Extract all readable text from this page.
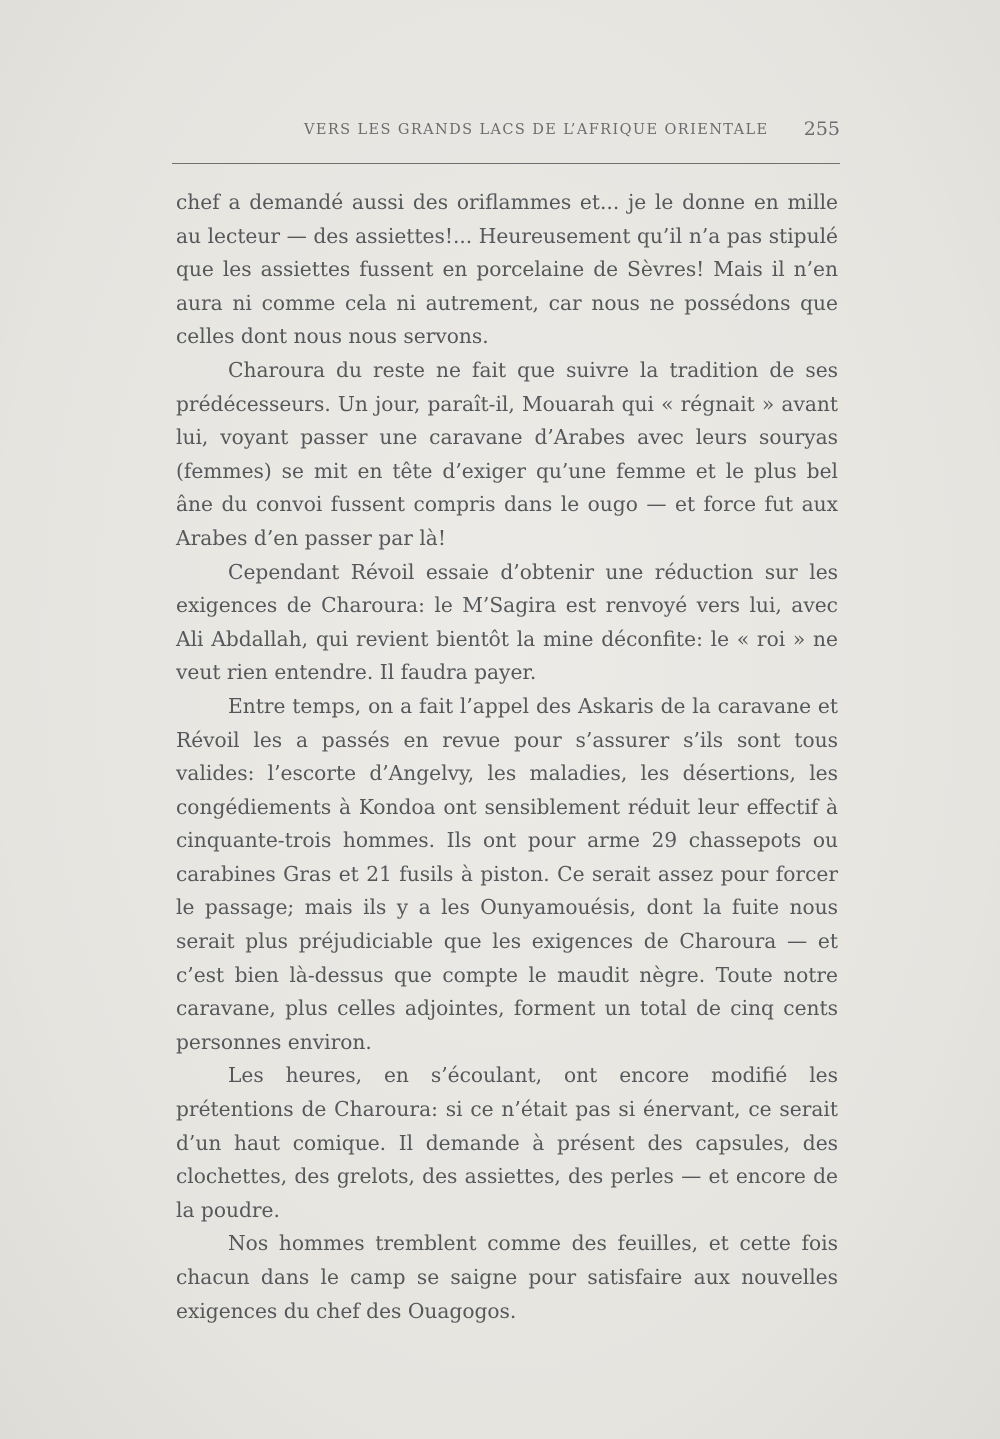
VERS LES GRANDS LACS DE L’AFRIQUE ORIENTALE 255

chef a demandé aussi des oriflammes et... je le donne en mille au lecteur — des assiettes!... Heureusement qu’il n’a pas stipulé que les assiettes fussent en porcelaine de Sèvres! Mais il n’en aura ni comme cela ni autrement, car nous ne possédons que celles dont nous nous servons.

Charoura du reste ne fait que suivre la tradition de ses prédécesseurs. Un jour, paraît-il, Mouarah qui « régnait » avant lui, voyant passer une caravane d’Arabes avec leurs souryas (femmes) se mit en tête d’exiger qu’une femme et le plus bel âne du convoi fussent compris dans le ougo — et force fut aux Arabes d’en passer par là!

Cependant Révoil essaie d’obtenir une réduction sur les exigences de Charoura: le M’Sagira est renvoyé vers lui, avec Ali Abdallah, qui revient bientôt la mine déconfite: le « roi » ne veut rien entendre. Il faudra payer.

Entre temps, on a fait l’appel des Askaris de la caravane et Révoil les a passés en revue pour s’assurer s’ils sont tous valides: l’escorte d’Angelvy, les maladies, les désertions, les congédiements à Kondoa ont sensiblement réduit leur effectif à cinquante-trois hommes. Ils ont pour arme 29 chassepots ou carabines Gras et 21 fusils à piston. Ce serait assez pour forcer le passage; mais ils y a les Ounyamouésis, dont la fuite nous serait plus préjudiciable que les exigences de Charoura — et c’est bien là-dessus que compte le maudit nègre. Toute notre caravane, plus celles adjointes, forment un total de cinq cents personnes environ.

Les heures, en s’écoulant, ont encore modifié les prétentions de Charoura: si ce n’était pas si énervant, ce serait d’un haut comique. Il demande à présent des capsules, des clochettes, des grelots, des assiettes, des perles — et encore de la poudre.

Nos hommes tremblent comme des feuilles, et cette fois chacun dans le camp se saigne pour satisfaire aux nouvelles exigences du chef des Ouagogos.
